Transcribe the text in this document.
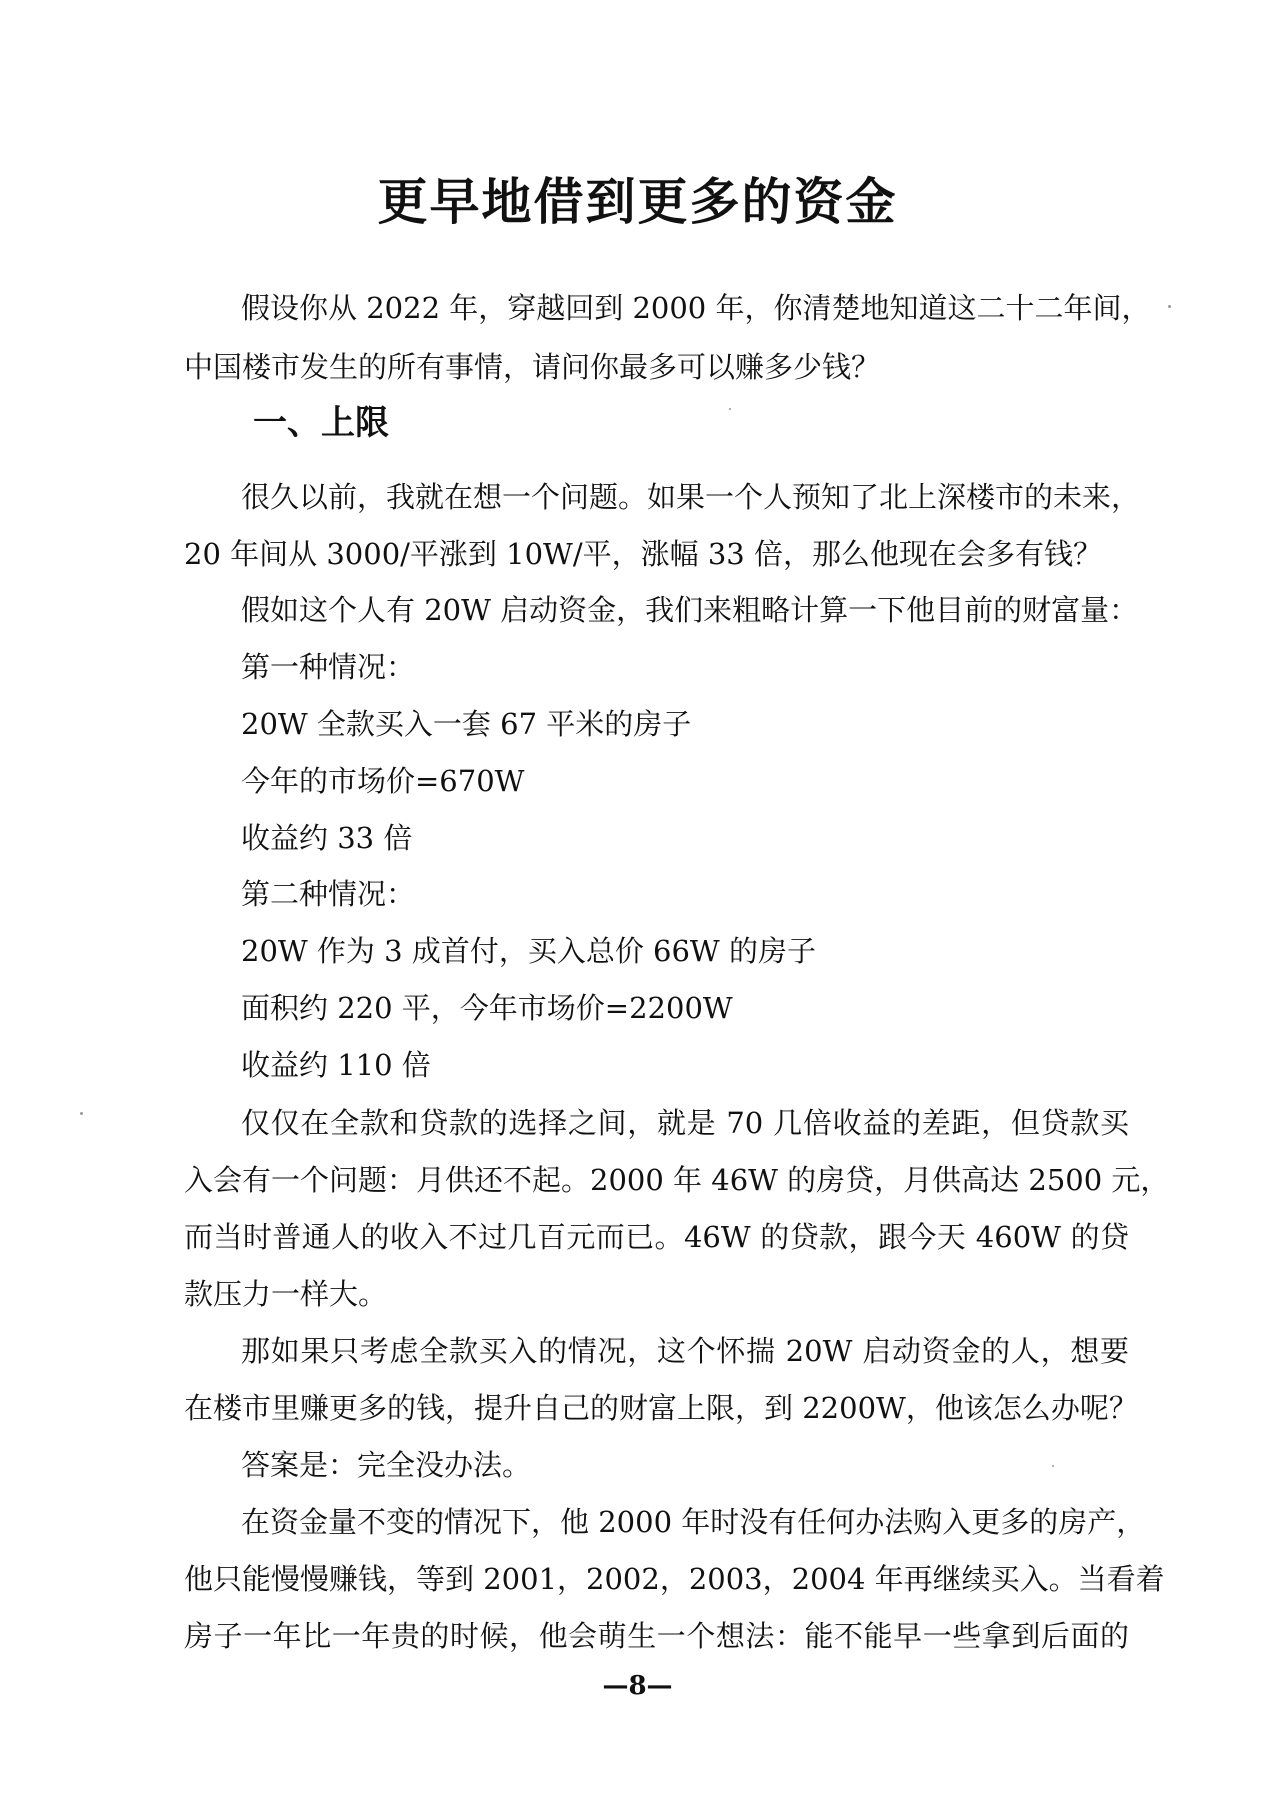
更早地借到更多的资金
假设你从 2022 年，穿越回到 2000 年，你清楚地知道这二十二年间，
中国楼市发生的所有事情，请问你最多可以赚多少钱？
一、上限
很久以前，我就在想一个问题。如果一个人预知了北上深楼市的未来，
20 年间从 3000/平涨到 10W/平，涨幅 33 倍，那么他现在会多有钱？
假如这个人有 20W 启动资金，我们来粗略计算一下他目前的财富量：
第一种情况：
20W 全款买入一套 67 平米的房子
今年的市场价=670W
收益约 33 倍
第二种情况：
20W 作为 3 成首付，买入总价 66W 的房子
面积约 220 平，今年市场价=2200W
收益约 110 倍
仅仅在全款和贷款的选择之间，就是 70 几倍收益的差距，但贷款买
入会有一个问题：月供还不起。2000 年 46W 的房贷，月供高达 2500 元，
而当时普通人的收入不过几百元而已。46W 的贷款，跟今天 460W 的贷
款压力一样大。
那如果只考虑全款买入的情况，这个怀揣 20W 启动资金的人，想要
在楼市里赚更多的钱，提升自己的财富上限，到 2200W，他该怎么办呢？
答案是：完全没办法。
在资金量不变的情况下，他 2000 年时没有任何办法购入更多的房产，
他只能慢慢赚钱，等到 2001，2002，2003，2004 年再继续买入。当看着
房子一年比一年贵的时候，他会萌生一个想法：能不能早一些拿到后面的
—8—
